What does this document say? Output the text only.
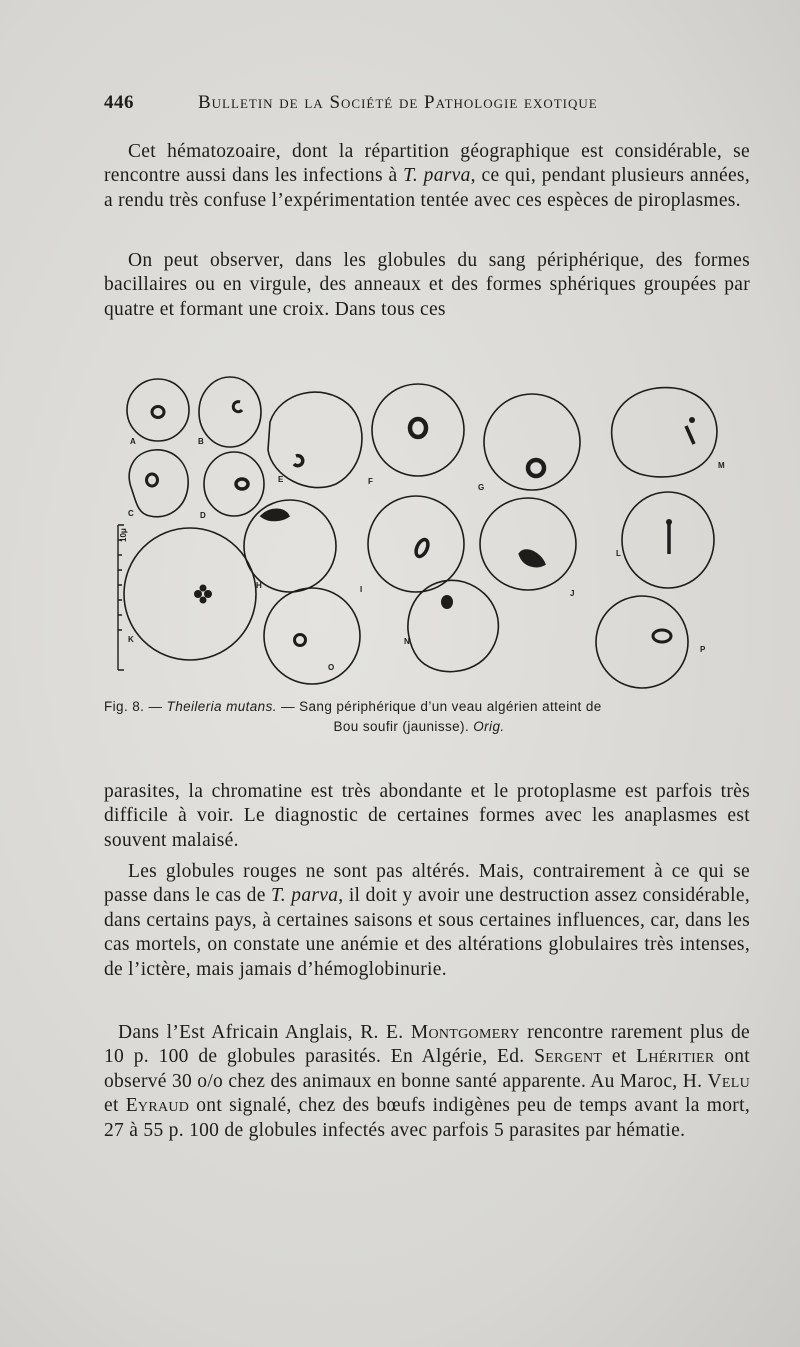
446	Bulletin de la Société de Pathologie exotique

Cet hématozoaire, dont la répartition géographique est considérable, se rencontre aussi dans les infections à T. parva, ce qui, pendant plusieurs années, a rendu très confuse l’expérimentation tentée avec ces espèces de piroplasmes.

On peut observer, dans les globules du sang périphérique, des formes bacillaires ou en virgule, des anneaux et des formes sphériques groupées par quatre et formant une croix. Dans tous ces

A	B
C	D
E	F
G
H	I	J
K
L
M
N
O
P
10μ
Fig. 8. — Theileria mutans. — Sang périphérique d’un veau algérien atteint de
Bou soufir (jaunisse). Orig.

parasites, la chromatine est très abondante et le protoplasme est parfois très difficile à voir. Le diagnostic de certaines formes avec les anaplasmes est souvent malaisé.

Les globules rouges ne sont pas altérés. Mais, contrairement à ce qui se passe dans le cas de T. parva, il doit y avoir une destruction assez considérable, dans certains pays, à certaines saisons et sous certaines influences, car, dans les cas mortels, on constate une anémie et des altérations globulaires très intenses, de l’ictère, mais jamais d’hémoglobinurie.

Dans l’Est Africain Anglais, R. E. Montgomery rencontre rarement plus de 10 p. 100 de globules parasités. En Algérie, Ed. Sergent et Lhéritier ont observé 30 o/o chez des animaux en bonne santé apparente. Au Maroc, H. Velu et Eyraud ont signalé, chez des bœufs indigènes peu de temps avant la mort, 27 à 55 p. 100 de globules infectés avec parfois 5 parasites par hématie.
